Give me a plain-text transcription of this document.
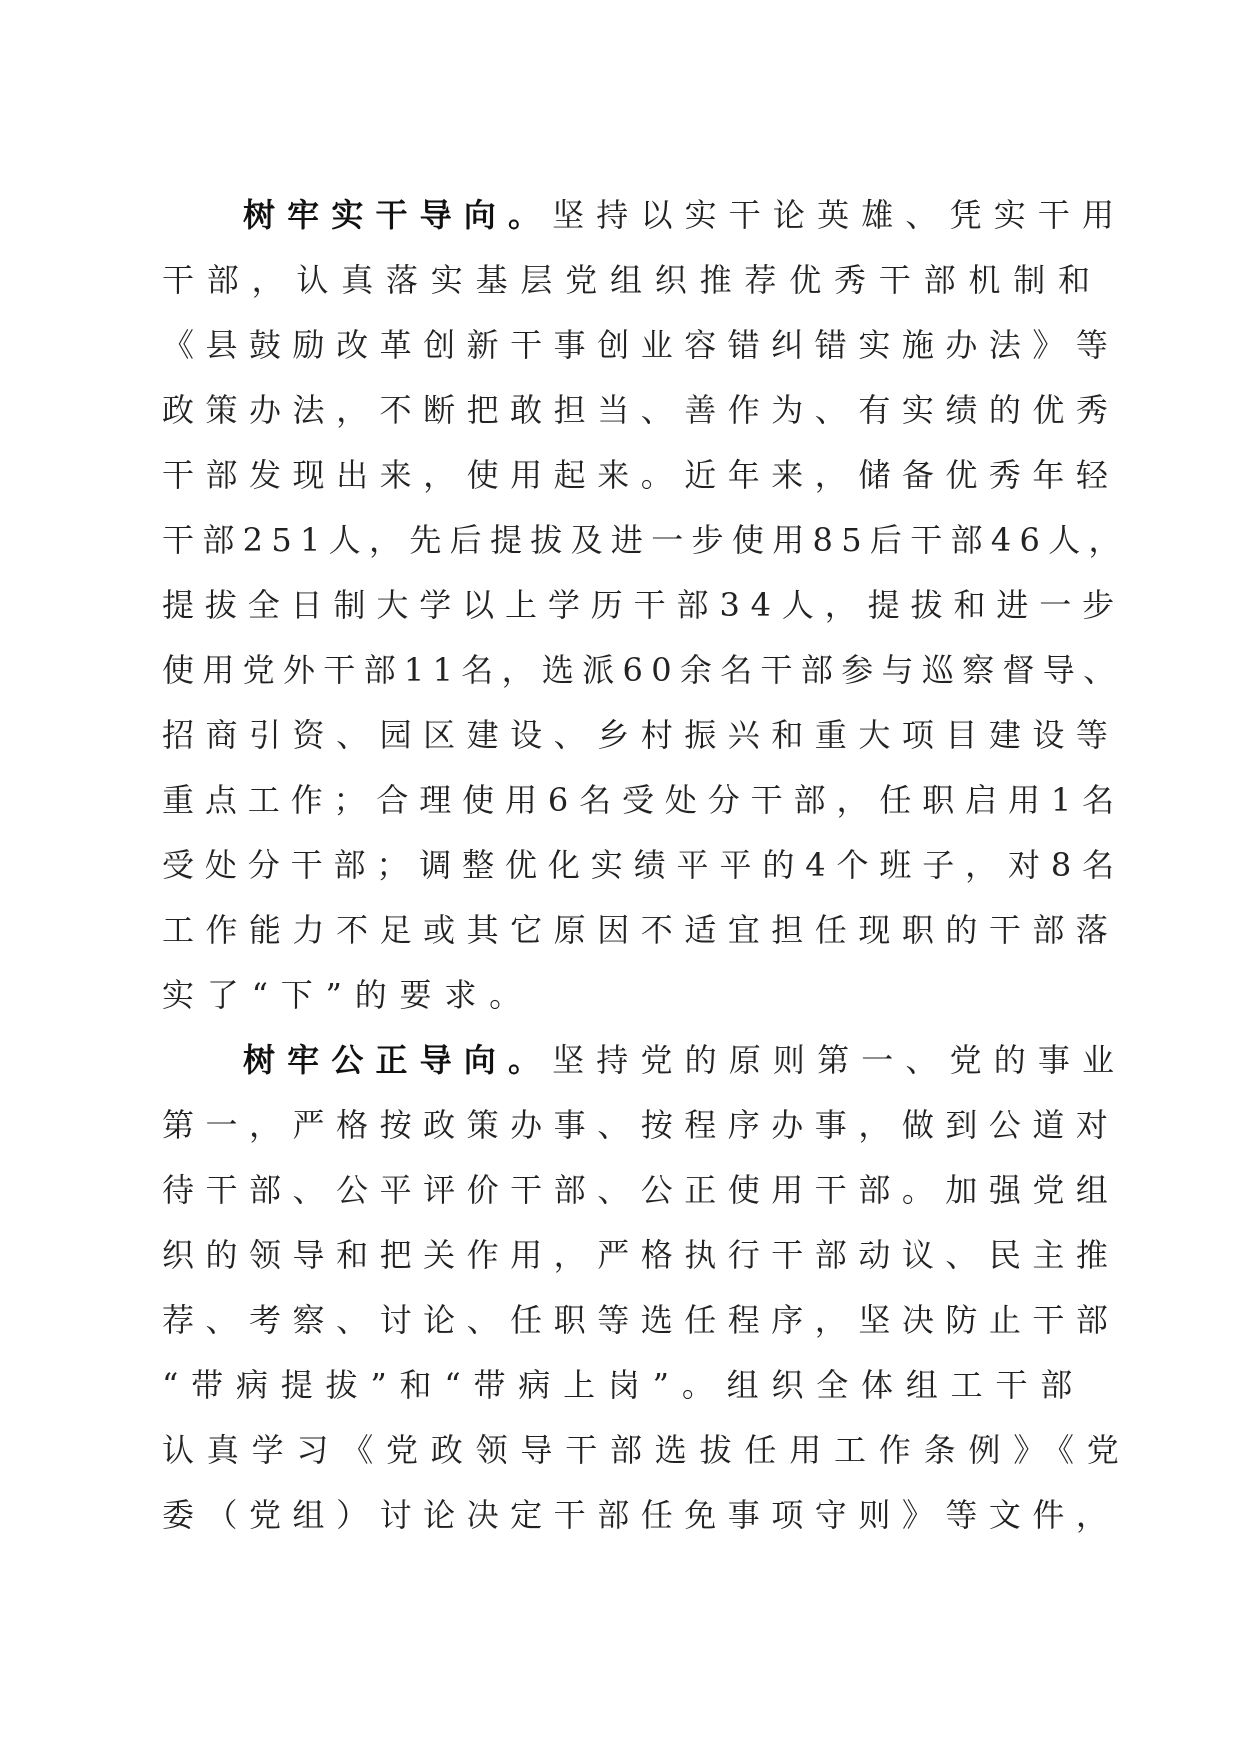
树牢实干导向。坚持以实干论英雄、凭实干用
干部，认真落实基层党组织推荐优秀干部机制和
《县鼓励改革创新干事创业容错纠错实施办法》等
政策办法，不断把敢担当、善作为、有实绩的优秀
干部发现出来，使用起来。近年来，储备优秀年轻
干部251人，先后提拔及进一步使用85后干部46人，
提拔全日制大学以上学历干部34人，提拔和进一步
使用党外干部11名，选派60余名干部参与巡察督导、
招商引资、园区建设、乡村振兴和重大项目建设等
重点工作；合理使用6名受处分干部，任职启用1名
受处分干部；调整优化实绩平平的4个班子，对8名
工作能力不足或其它原因不适宜担任现职的干部落
实了“下”的要求。
树牢公正导向。坚持党的原则第一、党的事业
第一，严格按政策办事、按程序办事，做到公道对
待干部、公平评价干部、公正使用干部。加强党组
织的领导和把关作用，严格执行干部动议、民主推
荐、考察、讨论、任职等选任程序，坚决防止干部
“带病提拔”和“带病上岗”。组织全体组工干部
认真学习《党政领导干部选拔任用工作条例》《党
委（党组）讨论决定干部任免事项守则》等文件，
